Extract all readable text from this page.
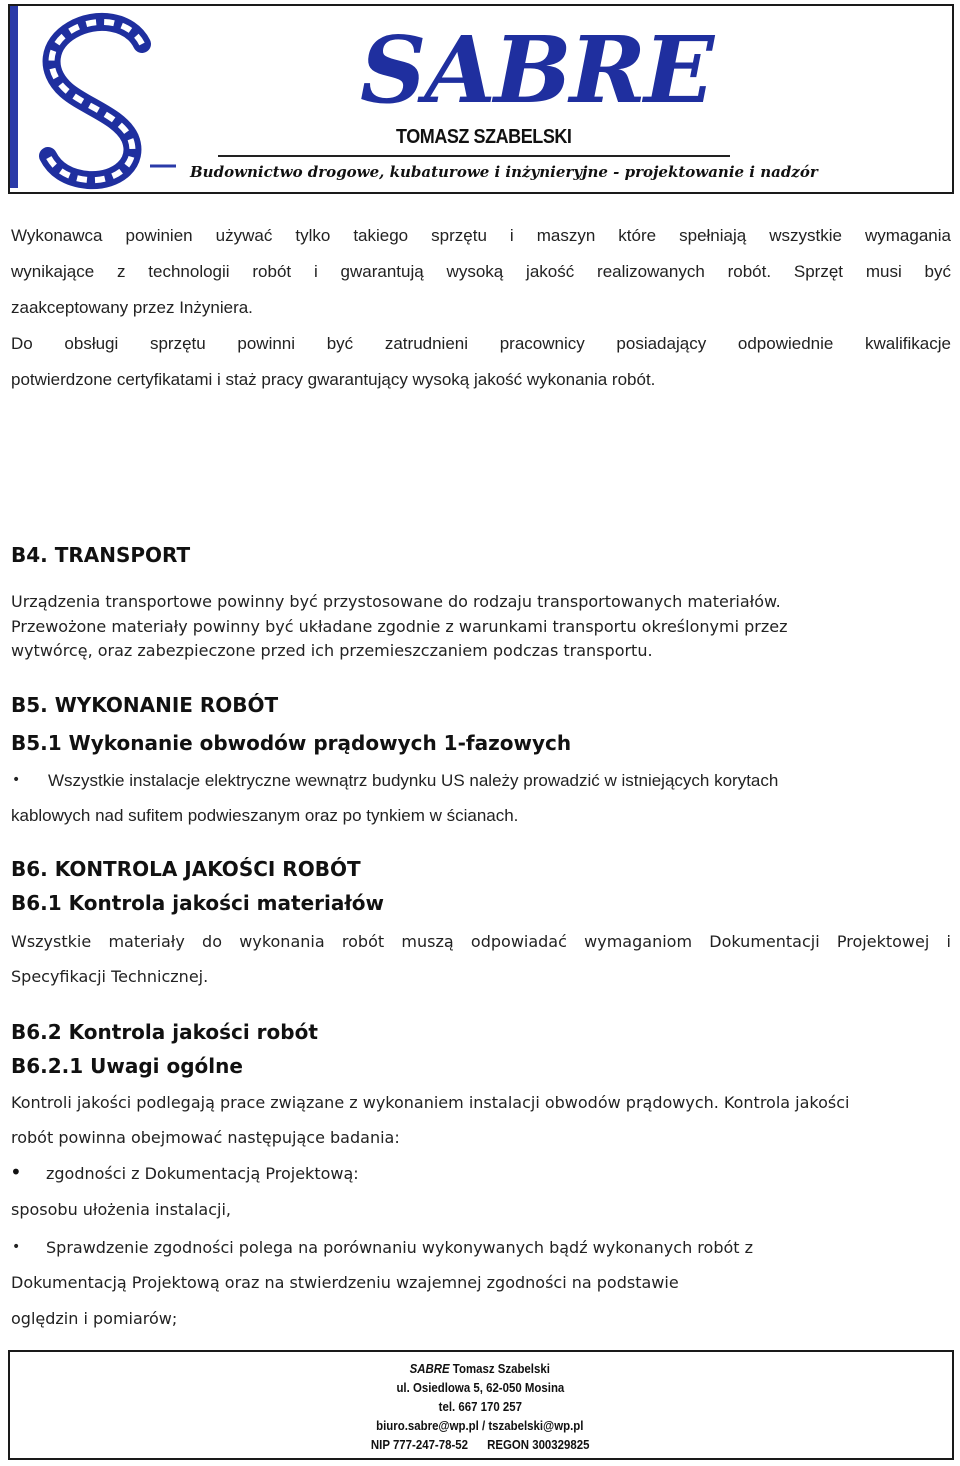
SABRE
TOMASZ SZABELSKI
Budownictwo drogowe, kubaturowe i inżynieryjne - projektowanie i nadzór
Wykonawca powinien używać tylko takiego sprzętu i maszyn które spełniają wszystkie wymagania
wynikające z technologii robót i gwarantują wysoką jakość realizowanych robót. Sprzęt musi być
zaakceptowany przez Inżyniera.
Do obsługi sprzętu powinni być zatrudnieni pracownicy posiadający odpowiednie kwalifikacje
potwierdzone certyfikatami i staż pracy gwarantujący wysoką jakość wykonania robót.
B4. TRANSPORT
Urządzenia transportowe powinny być przystosowane do rodzaju transportowanych materiałów.
Przewożone materiały powinny być układane zgodnie z warunkami transportu określonymi przez
wytwórcę, oraz zabezpieczone przed ich przemieszczaniem podczas transportu.
B5. WYKONANIE ROBÓT
B5.1 Wykonanie obwodów prądowych 1-fazowych
• Wszystkie instalacje elektryczne wewnątrz budynku US należy prowadzić w istniejących korytach
kablowych nad sufitem podwieszanym oraz po tynkiem w ścianach.
B6. KONTROLA JAKOŚCI ROBÓT
B6.1 Kontrola jakości materiałów
Wszystkie materiały do wykonania robót muszą odpowiadać wymaganiom Dokumentacji Projektowej i
Specyfikacji Technicznej.
B6.2 Kontrola jakości robót
B6.2.1 Uwagi ogólne
Kontroli jakości podlegają prace związane z wykonaniem instalacji obwodów prądowych. Kontrola jakości
robót powinna obejmować następujące badania:
• zgodności z Dokumentacją Projektową:
sposobu ułożenia instalacji,
• Sprawdzenie zgodności polega na porównaniu wykonywanych bądź wykonanych robót z
Dokumentacją Projektową oraz na stwierdzeniu wzajemnej zgodności na podstawie
oględzin i pomiarów;
SABRE Tomasz Szabelski
ul. Osiedlowa 5, 62-050 Mosina
tel. 667 170 257
biuro.sabre@wp.pl / tszabelski@wp.pl
NIP 777-247-78-52 REGON 300329825
